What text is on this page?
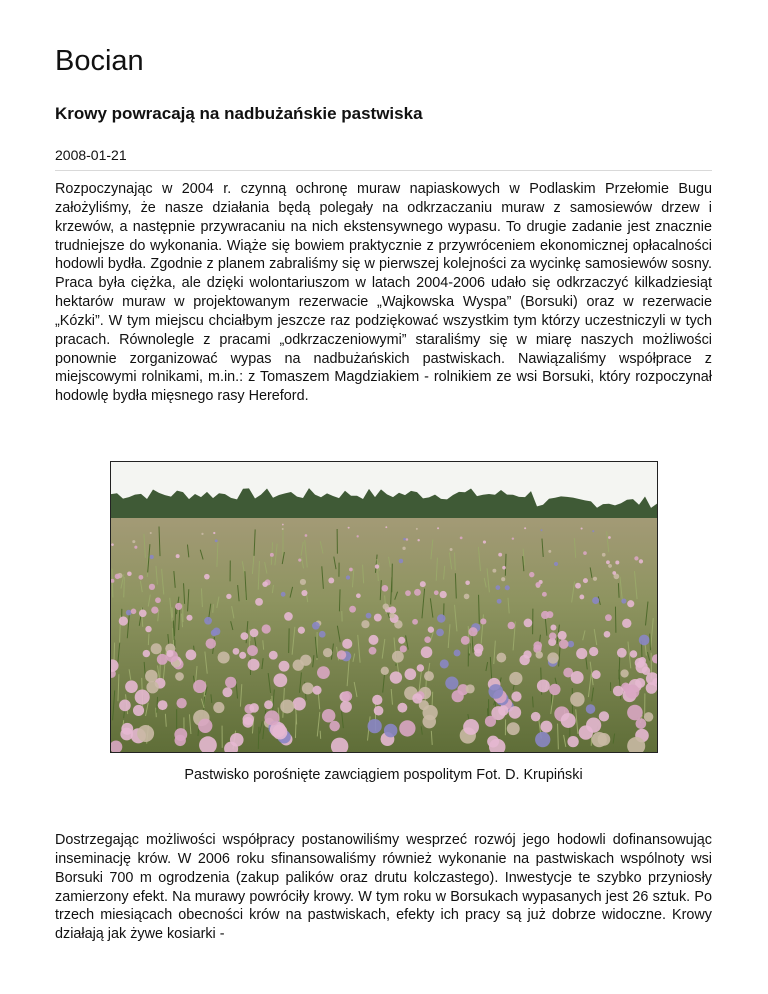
Bocian
Krowy powracają na nadbużańskie pastwiska
2008-01-21

Rozpoczynając w 2004 r. czynną ochronę muraw napiaskowych w Podlaskim Przełomie Bugu założyliśmy, że nasze działania będą polegały na odkrzaczaniu muraw z samosiewów drzew i krzewów, a następnie przywracaniu na nich ekstensywnego wypasu. To drugie zadanie jest znacznie trudniejsze do wykonania. Wiąże się bowiem praktycznie z przywróceniem ekonomicznej opłacalności hodowli bydła. Zgodnie z planem zabraliśmy się w pierwszej kolejności za wycinkę samosiewów sosny. Praca była ciężka, ale dzięki wolontariuszom w latach 2004-2006 udało się odkrzaczyć kilkadziesiąt hektarów muraw w projektowanym rezerwacie „Wajkowska Wyspa” (Borsuki) oraz w rezerwacie „Kózki”. W tym miejscu chciałbym jeszcze raz podziękować wszystkim tym którzy uczestniczyli w tych pracach. Równolegle z pracami „odkrzaczeniowymi” staraliśmy się w miarę naszych możliwości ponownie zorganizować wypas na nadbużańskich pastwiskach. Nawiązaliśmy współprace z miejscowymi rolnikami, m.in.: z Tomaszem Magdziakiem - rolnikiem ze wsi Borsuki, który rozpoczynał hodowlę bydła mięsnego rasy Hereford.

Pastwisko porośnięte zawciągiem pospolitym Fot. D. Krupiński

Dostrzegając możliwości współpracy postanowiliśmy wesprzeć rozwój jego hodowli dofinansowując inseminację krów. W 2006 roku sfinansowaliśmy również wykonanie na pastwiskach wspólnoty wsi Borsuki 700 m ogrodzenia (zakup palików oraz drutu kolczastego). Inwestycje te szybko przyniosły zamierzony efekt. Na murawy powróciły krowy. W tym roku w Borsukach wypasanych jest 26 sztuk. Po trzech miesiącach obecności krów na pastwiskach, efekty ich pracy są już dobrze widoczne. Krowy działają jak żywe kosiarki -
